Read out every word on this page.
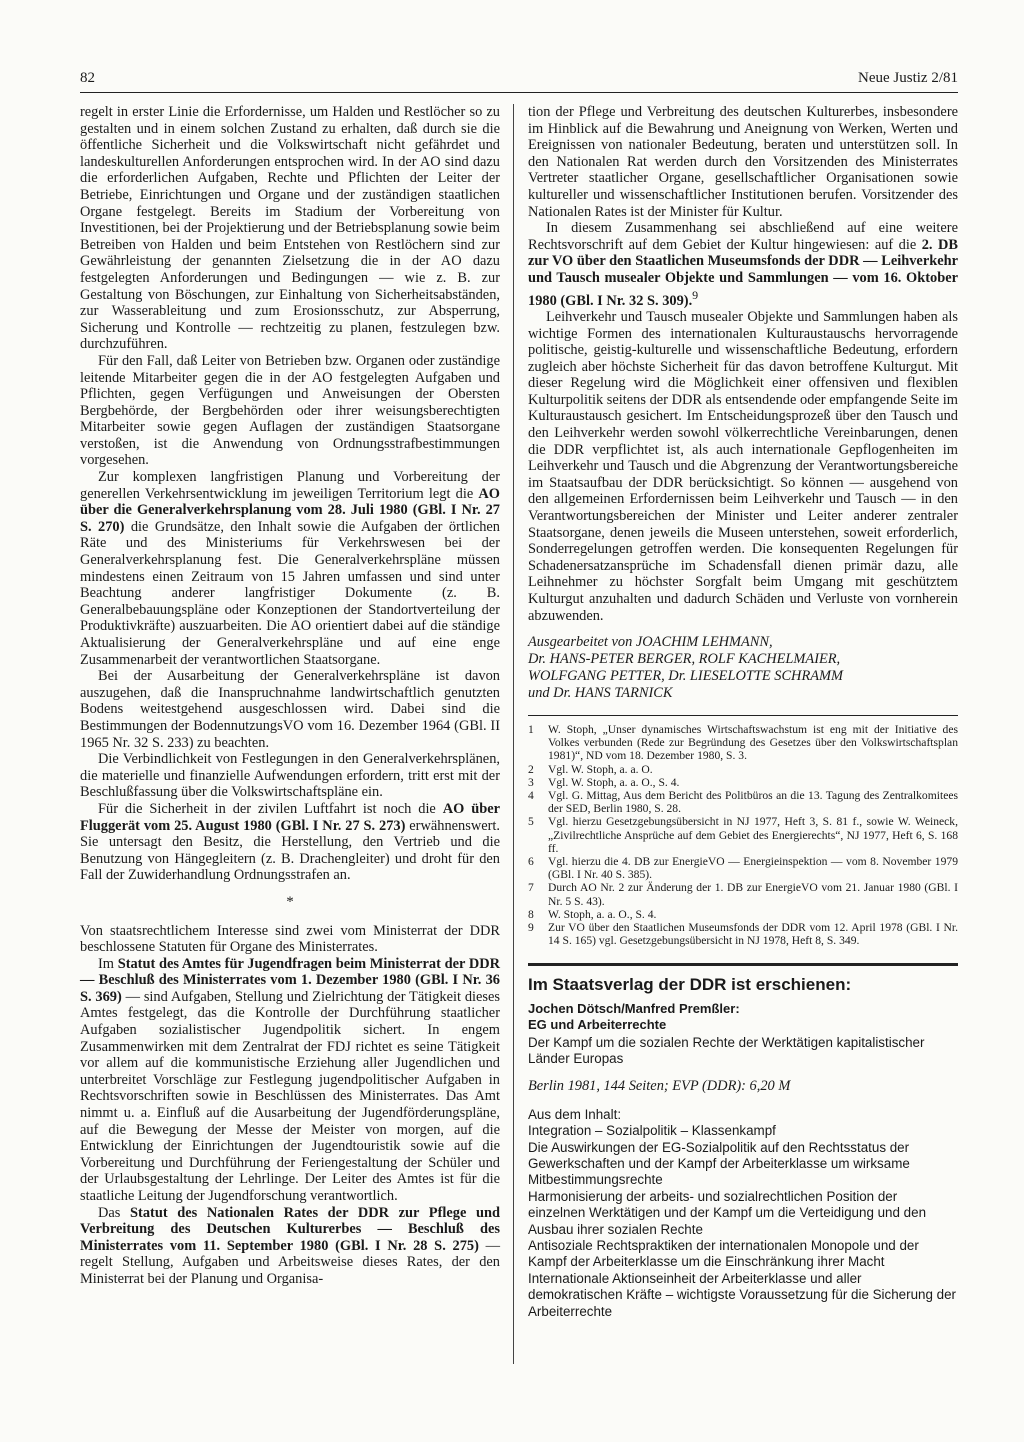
82	Neue Justiz 2/81

regelt in erster Linie die Erfordernisse, um Halden und Restlöcher so zu gestalten und in einem solchen Zustand zu erhalten, daß durch sie die öffentliche Sicherheit und die Volkswirtschaft nicht gefährdet und landeskulturellen Anforderungen entsprochen wird. In der AO sind dazu die erforderlichen Aufgaben, Rechte und Pflichten der Leiter der Betriebe, Einrichtungen und Organe und der zuständigen staatlichen Organe festgelegt. Bereits im Stadium der Vorbereitung von Investitionen, bei der Projektierung und der Betriebsplanung sowie beim Betreiben von Halden und beim Entstehen von Restlöchern sind zur Gewährleistung der genannten Zielsetzung die in der AO dazu festgelegten Anforderungen und Bedingungen — wie z. B. zur Gestaltung von Böschungen, zur Einhaltung von Sicherheitsabständen, zur Wasserableitung und zum Erosionsschutz, zur Absperrung, Sicherung und Kontrolle — rechtzeitig zu planen, festzulegen bzw. durchzuführen.

Für den Fall, daß Leiter von Betrieben bzw. Organen oder zuständige leitende Mitarbeiter gegen die in der AO festgelegten Aufgaben und Pflichten, gegen Verfügungen und Anweisungen der Obersten Bergbehörde, der Bergbehörden oder ihrer weisungsberechtigten Mitarbeiter sowie gegen Auflagen der zuständigen Staatsorgane verstoßen, ist die Anwendung von Ordnungsstrafbestimmungen vorgesehen.

Zur komplexen langfristigen Planung und Vorbereitung der generellen Verkehrsentwicklung im jeweiligen Territorium legt die AO über die Generalverkehrsplanung vom 28. Juli 1980 (GBl. I Nr. 27 S. 270) die Grundsätze, den Inhalt sowie die Aufgaben der örtlichen Räte und des Ministeriums für Verkehrswesen bei der Generalverkehrsplanung fest. Die Generalverkehrspläne müssen mindestens einen Zeitraum von 15 Jahren umfassen und sind unter Beachtung anderer langfristiger Dokumente (z. B. Generalbebauungspläne oder Konzeptionen der Standortverteilung der Produktivkräfte) auszuarbeiten. Die AO orientiert dabei auf die ständige Aktualisierung der Generalverkehrspläne und auf eine enge Zusammenarbeit der verantwortlichen Staatsorgane.

Bei der Ausarbeitung der Generalverkehrspläne ist davon auszugehen, daß die Inanspruchnahme landwirtschaftlich genutzten Bodens weitestgehend ausgeschlossen wird. Dabei sind die Bestimmungen der BodennutzungsVO vom 16. Dezember 1964 (GBl. II 1965 Nr. 32 S. 233) zu beachten.

Die Verbindlichkeit von Festlegungen in den Generalverkehrsplänen, die materielle und finanzielle Aufwendungen erfordern, tritt erst mit der Beschlußfassung über die Volkswirtschaftspläne ein.

Für die Sicherheit in der zivilen Luftfahrt ist noch die AO über Fluggerät vom 25. August 1980 (GBl. I Nr. 27 S. 273) erwähnenswert. Sie untersagt den Besitz, die Herstellung, den Vertrieb und die Benutzung von Hängegleitern (z. B. Drachengleiter) und droht für den Fall der Zuwiderhandlung Ordnungsstrafen an.

*

Von staatsrechtlichem Interesse sind zwei vom Ministerrat der DDR beschlossene Statuten für Organe des Ministerrates.

Im Statut des Amtes für Jugendfragen beim Ministerrat der DDR — Beschluß des Ministerrates vom 1. Dezember 1980 (GBl. I Nr. 36 S. 369) — sind Aufgaben, Stellung und Zielrichtung der Tätigkeit dieses Amtes festgelegt, das die Kontrolle der Durchführung staatlicher Aufgaben sozialistischer Jugendpolitik sichert. In engem Zusammenwirken mit dem Zentralrat der FDJ richtet es seine Tätigkeit vor allem auf die kommunistische Erziehung aller Jugendlichen und unterbreitet Vorschläge zur Festlegung jugendpolitischer Aufgaben in Rechtsvorschriften sowie in Beschlüssen des Ministerrates. Das Amt nimmt u. a. Einfluß auf die Ausarbeitung der Jugendförderungspläne, auf die Bewegung der Messe der Meister von morgen, auf die Entwicklung der Einrichtungen der Jugendtouristik sowie auf die Vorbereitung und Durchführung der Feriengestaltung der Schüler und der Urlaubsgestaltung der Lehrlinge. Der Leiter des Amtes ist für die staatliche Leitung der Jugendforschung verantwortlich.

Das Statut des Nationalen Rates der DDR zur Pflege und Verbreitung des Deutschen Kulturerbes — Beschluß des Ministerrates vom 11. September 1980 (GBl. I Nr. 28 S. 275) — regelt Stellung, Aufgaben und Arbeitsweise dieses Rates, der den Ministerrat bei der Planung und Organisa-

tion der Pflege und Verbreitung des deutschen Kulturerbes, insbesondere im Hinblick auf die Bewahrung und Aneignung von Werken, Werten und Ereignissen von nationaler Bedeutung, beraten und unterstützen soll. In den Nationalen Rat werden durch den Vorsitzenden des Ministerrates Vertreter staatlicher Organe, gesellschaftlicher Organisationen sowie kultureller und wissenschaftlicher Institutionen berufen. Vorsitzender des Nationalen Rates ist der Minister für Kultur.

In diesem Zusammenhang sei abschließend auf eine weitere Rechtsvorschrift auf dem Gebiet der Kultur hingewiesen: auf die 2. DB zur VO über den Staatlichen Museumsfonds der DDR — Leihverkehr und Tausch musealer Objekte und Sammlungen — vom 16. Oktober 1980 (GBl. I Nr. 32 S. 309).$^9$

Leihverkehr und Tausch musealer Objekte und Sammlungen haben als wichtige Formen des internationalen Kulturaustauschs hervorragende politische, geistig-kulturelle und wissenschaftliche Bedeutung, erfordern zugleich aber höchste Sicherheit für das davon betroffene Kulturgut. Mit dieser Regelung wird die Möglichkeit einer offensiven und flexiblen Kulturpolitik seitens der DDR als entsendende oder empfangende Seite im Kulturaustausch gesichert. Im Entscheidungsprozeß über den Tausch und den Leihverkehr werden sowohl völkerrechtliche Vereinbarungen, denen die DDR verpflichtet ist, als auch internationale Gepflogenheiten im Leihverkehr und Tausch und die Abgrenzung der Verantwortungsbereiche im Staatsaufbau der DDR berücksichtigt. So können — ausgehend von den allgemeinen Erfordernissen beim Leihverkehr und Tausch — in den Verantwortungsbereichen der Minister und Leiter anderer zentraler Staatsorgane, denen jeweils die Museen unterstehen, soweit erforderlich, Sonderregelungen getroffen werden. Die konsequenten Regelungen für Schadenersatzansprüche im Schadensfall dienen primär dazu, alle Leihnehmer zu höchster Sorgfalt beim Umgang mit geschütztem Kulturgut anzuhalten und dadurch Schäden und Verluste von vornherein abzuwenden.

Ausgearbeitet von JOACHIM LEHMANN,
Dr. HANS-PETER BERGER, ROLF KACHELMAIER,
WOLFGANG PETTER, Dr. LIESELOTTE SCHRAMM
und Dr. HANS TARNICK
1	W. Stoph, „Unser dynamisches Wirtschaftswachstum ist eng mit der Initiative des Volkes verbunden (Rede zur Begründung des Gesetzes über den Volkswirtschaftsplan 1981)“, ND vom 18. Dezember 1980, S. 3.
2	Vgl. W. Stoph, a. a. O.
3	Vgl. W. Stoph, a. a. O., S. 4.
4	Vgl. G. Mittag, Aus dem Bericht des Politbüros an die 13. Tagung des Zentralkomitees der SED, Berlin 1980, S. 28.
5	Vgl. hierzu Gesetzgebungsübersicht in NJ 1977, Heft 3, S. 81 f., sowie W. Weineck, „Zivilrechtliche Ansprüche auf dem Gebiet des Energierechts“, NJ 1977, Heft 6, S. 168 ff.
6	Vgl. hierzu die 4. DB zur EnergieVO — Energieinspektion — vom 8. November 1979 (GBl. I Nr. 40 S. 385).
7	Durch AO Nr. 2 zur Änderung der 1. DB zur EnergieVO vom 21. Januar 1980 (GBl. I Nr. 5 S. 43).
8	W. Stoph, a. a. O., S. 4.
9	Zur VO über den Staatlichen Museumsfonds der DDR vom 12. April 1978 (GBl. I Nr. 14 S. 165) vgl. Gesetzgebungsübersicht in NJ 1978, Heft 8, S. 349.
Im Staatsverlag der DDR ist erschienen:
Jochen Dötsch/Manfred Premßler:
EG und Arbeiterrechte
Der Kampf um die sozialen Rechte der Werktätigen kapitalistischer Länder Europas
Berlin 1981, 144 Seiten; EVP (DDR): 6,20 M
Aus dem Inhalt:
Integration – Sozialpolitik – Klassenkampf
Die Auswirkungen der EG-Sozialpolitik auf den Rechtsstatus der Gewerkschaften und der Kampf der Arbeiterklasse um wirksame Mitbestimmungsrechte
Harmonisierung der arbeits- und sozialrechtlichen Position der einzelnen Werktätigen und der Kampf um die Verteidigung und den Ausbau ihrer sozialen Rechte
Antisoziale Rechtspraktiken der internationalen Monopole und der Kampf der Arbeiterklasse um die Einschränkung ihrer Macht
Internationale Aktionseinheit der Arbeiterklasse und aller demokratischen Kräfte – wichtigste Voraussetzung für die Sicherung der Arbeiterrechte
